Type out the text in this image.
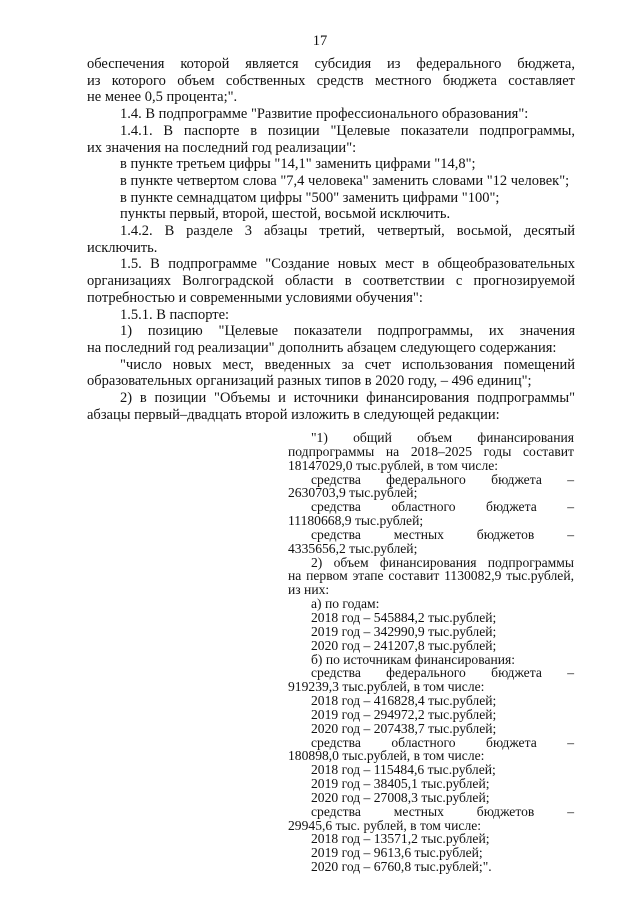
17

обеспечения которой является субсидия из федерального бюджета,

из которого объем собственных средств местного бюджета составляет

не менее 0,5 процента;".

1.4. В подпрограмме "Развитие профессионального образования":

1.4.1. В паспорте в позиции "Целевые показатели подпрограммы,

их значения на последний год реализации":

в пункте третьем цифры "14,1" заменить цифрами "14,8";

в пункте четвертом слова "7,4 человека" заменить словами "12 человек";

в пункте семнадцатом цифры "500" заменить цифрами "100";

пункты первый, второй, шестой, восьмой исключить.

1.4.2. В разделе 3 абзацы третий, четвертый, восьмой, десятый

исключить.

1.5. В подпрограмме "Создание новых мест в общеобразовательных

организациях Волгоградской области в соответствии с прогнозируемой

потребностью и современными условиями обучения":

1.5.1. В паспорте:

1) позицию "Целевые показатели подпрограммы, их значения

на последний год реализации" дополнить абзацем следующего содержания:

"число новых мест, введенных за счет использования помещений

образовательных организаций разных типов в 2020 году, – 496 единиц";

2) в позиции "Объемы и источники финансирования подпрограммы"

абзацы первый–двадцать второй изложить в следующей редакции:

"1) общий объем финансирования

подпрограммы на 2018–2025 годы составит

18147029,0 тыс.рублей, в том числе:

средства федерального бюджета –

2630703,9 тыс.рублей;

средства областного бюджета –

11180668,9 тыс.рублей;

средства местных бюджетов –

4335656,2 тыс.рублей;

2) объем финансирования подпрограммы

на первом этапе составит 1130082,9 тыс.рублей,

из них:

а) по годам:

2018 год – 545884,2 тыс.рублей;

2019 год – 342990,9 тыс.рублей;

2020 год – 241207,8 тыс.рублей;

б) по источникам финансирования:

средства федерального бюджета –

919239,3 тыс.рублей, в том числе:

2018 год – 416828,4 тыс.рублей;

2019 год – 294972,2 тыс.рублей;

2020 год – 207438,7 тыс.рублей;

средства областного бюджета –

180898,0 тыс.рублей, в том числе:

2018 год – 115484,6 тыс.рублей;

2019 год – 38405,1 тыс.рублей;

2020 год – 27008,3 тыс.рублей;

средства местных бюджетов –

29945,6 тыс. рублей, в том числе:

2018 год – 13571,2 тыс.рублей;

2019 год – 9613,6 тыс.рублей;

2020 год – 6760,8 тыс.рублей;".
